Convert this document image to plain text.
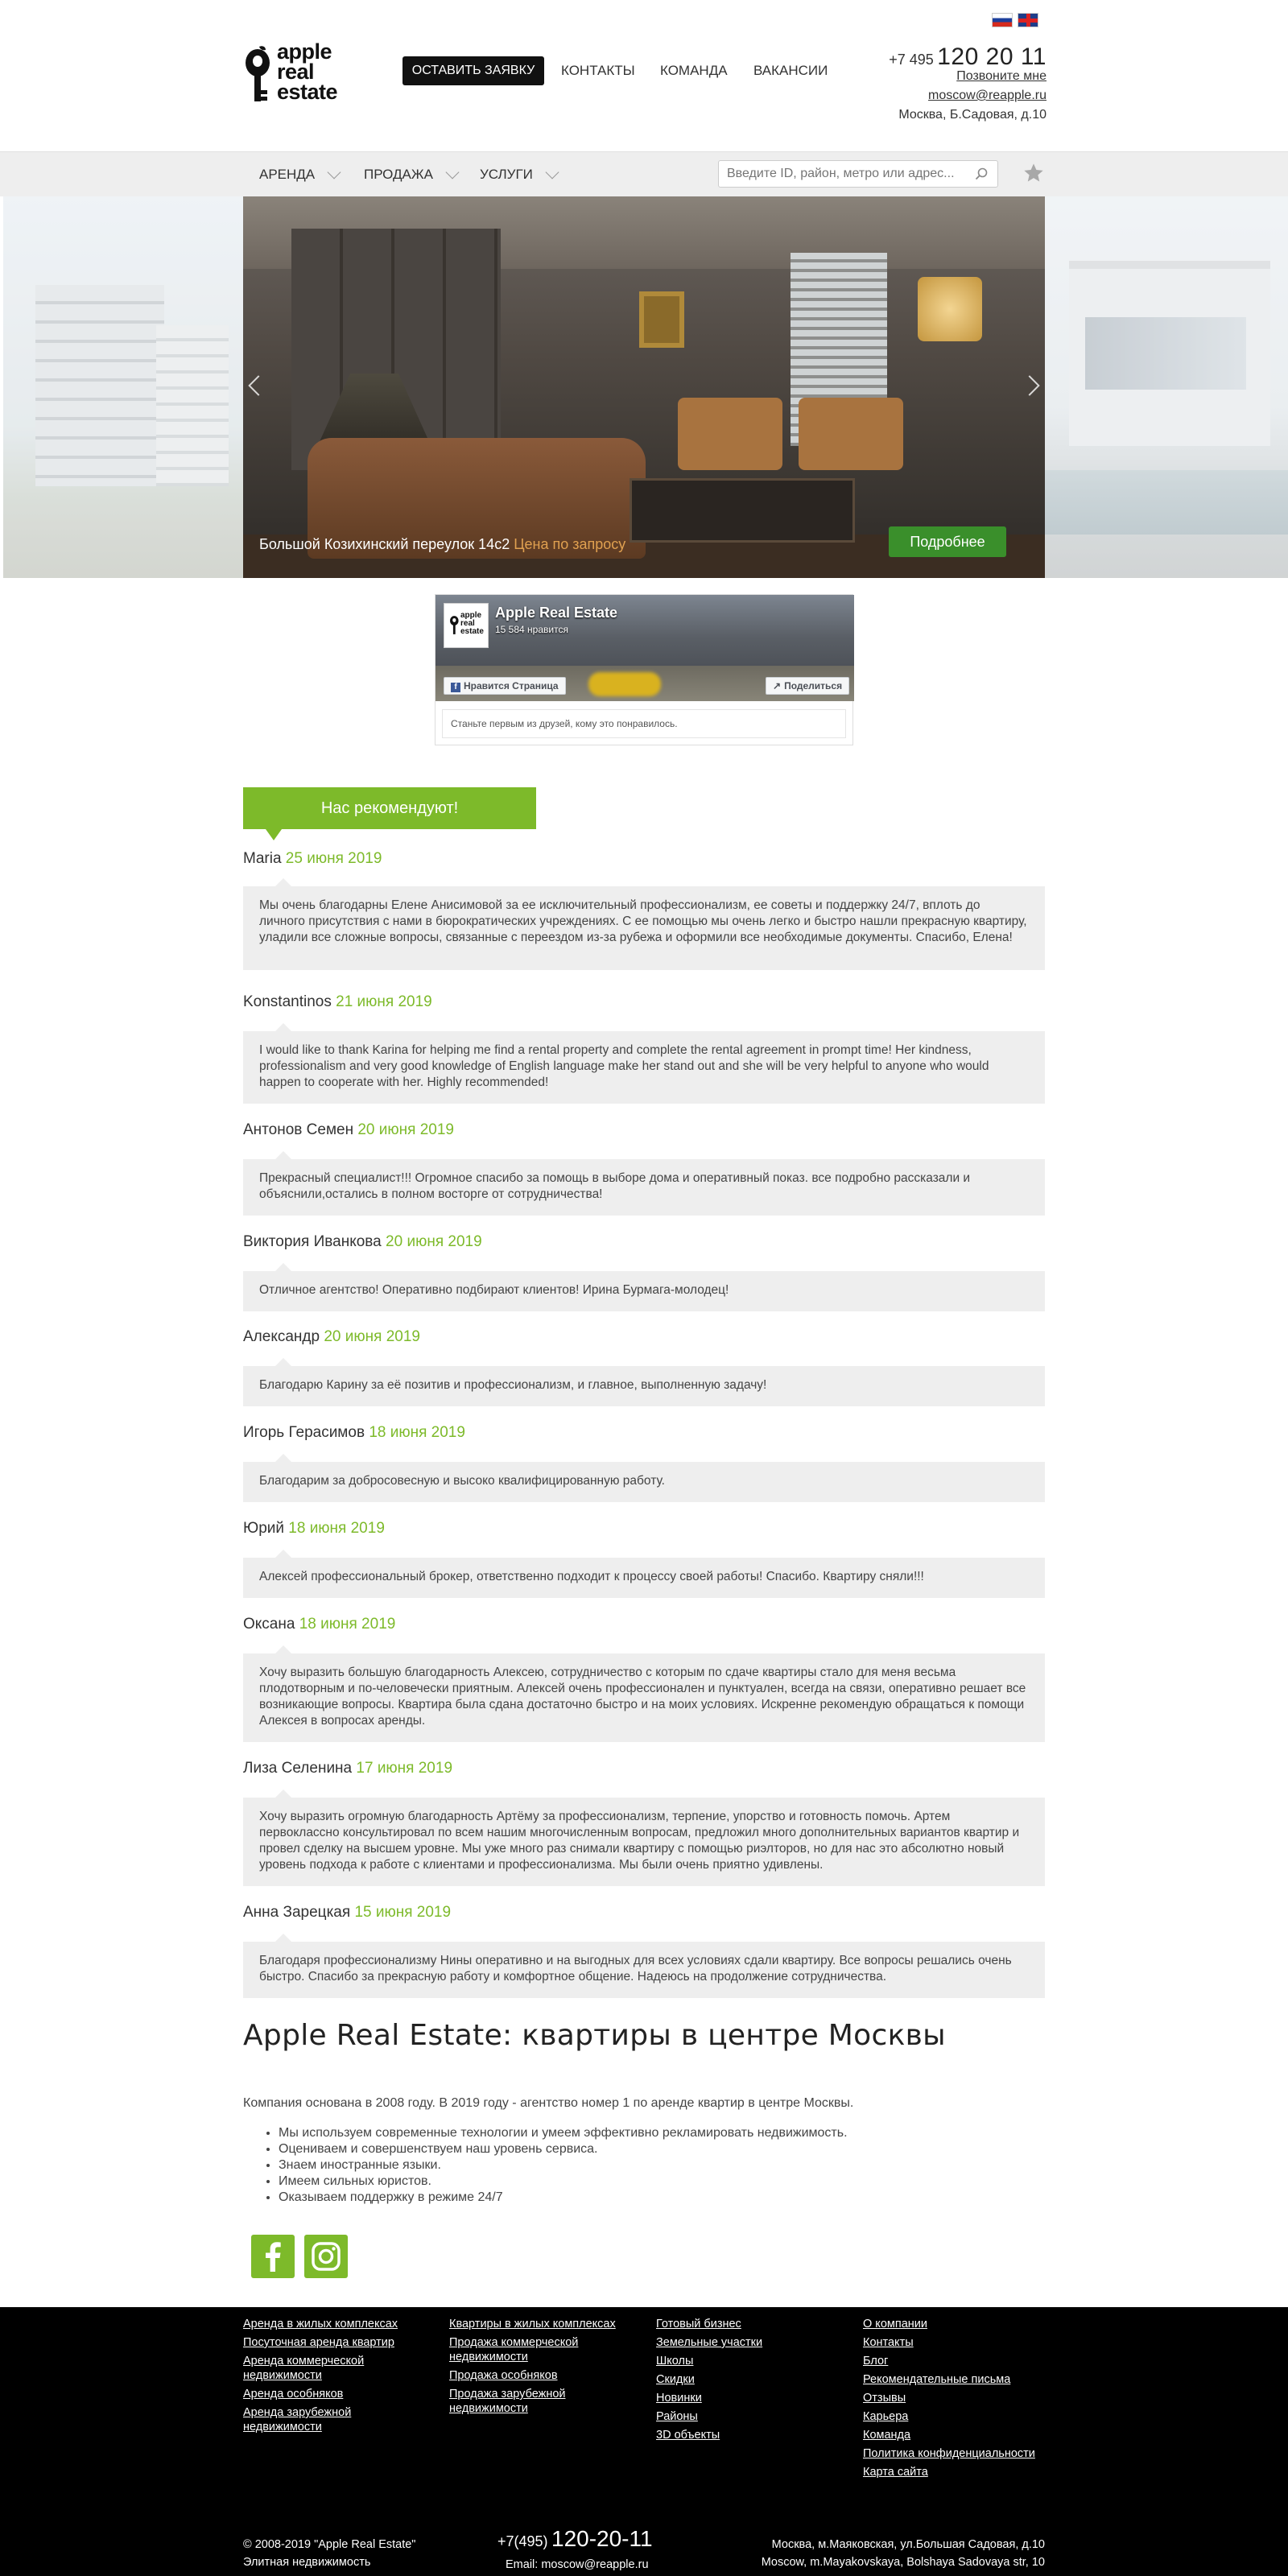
apple
real
estate
ОСТАВИТЬ ЗАЯВКУ	КОНТАКТЫ КОМАНДА ВАКАНСИИ
+7 495 120 20 11
Позвоните мне
moscow@reapple.ru
Москва, Б.Садовая, д.10
АРЕНДА	ПРОДАЖА	УСЛУГИ
Введите ID, район, метро или адрес...
Большой Козихинский переулок 14с2 Цена по запросу	Подробнее
apple
real
estate
Apple Real Estate
15 584 нравится
f Нравится Страница	↗ Поделиться
Станьте первым из друзей, кому это понравилось.
Нас рекомендуют!
Maria 25 июня 2019
Мы очень благодарны Елене Анисимовой за ее исключительный профессионализм, ее советы и поддержку 24/7, вплоть до личного присутствия с нами в бюрократических учреждениях. С ее помощью мы очень легко и быстро нашли прекрасную квартиру, уладили все сложные вопросы, связанные с переездом из-за рубежа и оформили все необходимые документы. Спасибо, Елена!
Konstantinos 21 июня 2019
I would like to thank Karina for helping me find a rental property and complete the rental agreement in prompt time! Her kindness, professionalism and very good knowledge of English language make her stand out and she will be very helpful to anyone who would happen to cooperate with her. Highly recommended!
Антонов Семен 20 июня 2019
Прекрасный специалист!!! Огромное спасибо за помощь в выборе дома и оперативный показ. все подробно рассказали и объяснили,остались в полном восторге от сотрудничества!
Виктория Иванкова 20 июня 2019
Отличное агентство! Оперативно подбирают клиентов! Ирина Бурмага-молодец!
Александр 20 июня 2019
Благодарю Карину за её позитив и профессионализм, и главное, выполненную задачу!
Игорь Герасимов 18 июня 2019
Благодарим за добросовесную и высоко квалифицированную работу.
Юрий 18 июня 2019
Алексей профессиональный брокер, ответственно подходит к процессу своей работы! Спасибо. Квартиру сняли!!!
Оксана 18 июня 2019
Хочу выразить большую благодарность Алексею, сотрудничество с которым по сдаче квартиры стало для меня весьма плодотворным и по-человечески приятным. Алексей очень профессионален и пунктуален, всегда на связи, оперативно решает все возникающие вопросы. Квартира была сдана достаточно быстро и на моих условиях. Искренне рекомендую обращаться к помощи Алексея в вопросах аренды.
Лиза Селенина 17 июня 2019
Хочу выразить огромную благодарность Артёму за профессионализм, терпение, упорство и готовность помочь. Артем первоклассно консультировал по всем нашим многочисленным вопросам, предложил много дополнительных вариантов квартир и провел сделку на высшем уровне. Мы уже много раз снимали квартиру с помощью риэлторов, но для нас это абсолютно новый уровень подхода к работе с клиентами и профессионализма. Мы были очень приятно удивлены.
Анна Зарецкая 15 июня 2019
Благодаря профессионализму Нины оперативно и на выгодных для всех условиях сдали квартиру. Все вопросы решались очень быстро. Спасибо за прекрасную работу и комфортное общение. Надеюсь на продолжение сотрудничества.
Apple Real Estate: квартиры в центре Москвы
Компания основана в 2008 году. В 2019 году - агентство номер 1 по аренде квартир в центре Москвы.
• Мы используем современные технологии и умеем эффективно рекламировать недвижимость.
• Оцениваем и совершенствуем наш уровень сервиса.
• Знаем иностранные языки.
• Имеем сильных юристов.
• Оказываем поддержку в режиме 24/7
Аренда в жилых комплексах
Посуточная аренда квартир
Аренда коммерческой недвижимости
Аренда особняков
Аренда зарубежной недвижимости
Квартиры в жилых комплексах
Продажа коммерческой недвижимости
Продажа особняков
Продажа зарубежной недвижимости
Готовый бизнес
Земельные участки
Школы
Скидки
Новинки
Районы
3D объекты
О компании
Контакты
Блог
Рекомендательные письма
Отзывы
Карьера
Команда
Политика конфиденциальности
Карта сайта
© 2008-2019 "Apple Real Estate"
Элитная недвижимость
+7(495) 120-20-11
Email: moscow@reapple.ru
Москва, м.Маяковская, ул.Большая Садовая, д.10
Moscow, m.Mayakovskaya, Bolshaya Sadovaya str, 10
